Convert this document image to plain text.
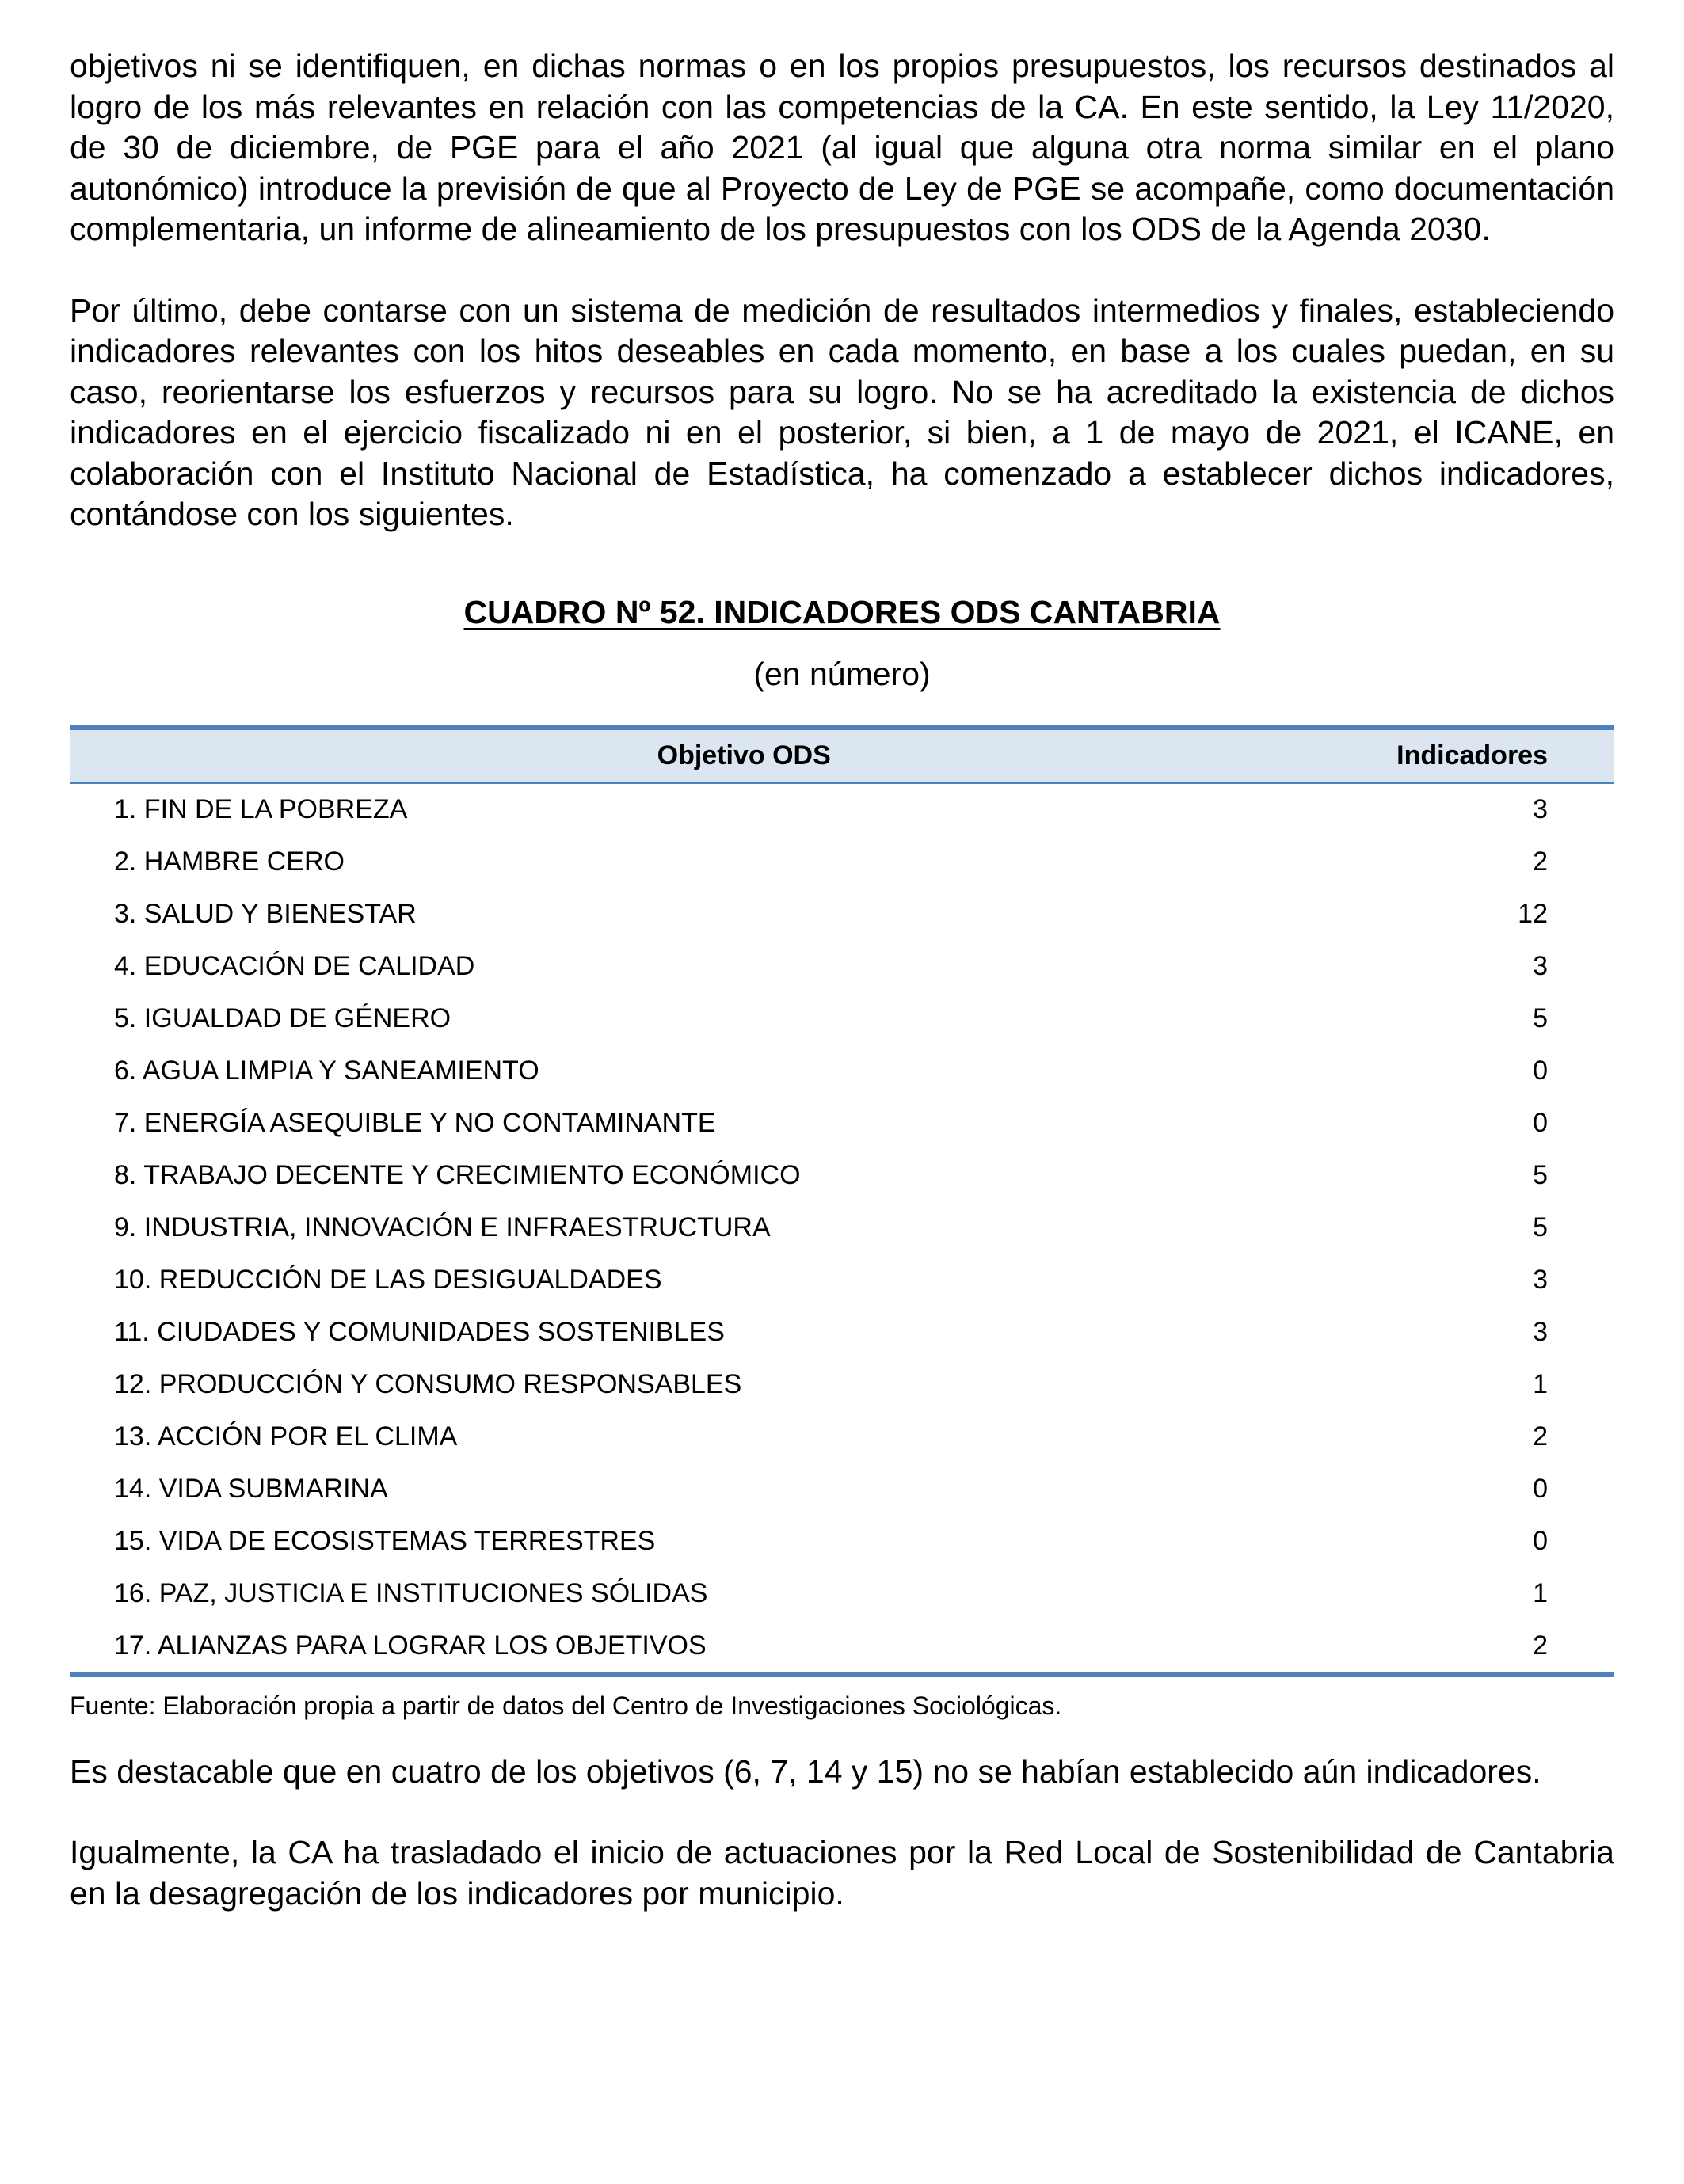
objetivos ni se identifiquen, en dichas normas o en los propios presupuestos, los recursos destinados al logro de los más relevantes en relación con las competencias de la CA. En este sentido, la Ley 11/2020, de 30 de diciembre, de PGE para el año 2021 (al igual que alguna otra norma similar en el plano autonómico) introduce la previsión de que al Proyecto de Ley de PGE se acompañe, como documentación complementaria, un informe de alineamiento de los presupuestos con los ODS de la Agenda 2030.

Por último, debe contarse con un sistema de medición de resultados intermedios y finales, estableciendo indicadores relevantes con los hitos deseables en cada momento, en base a los cuales puedan, en su caso, reorientarse los esfuerzos y recursos para su logro. No se ha acreditado la existencia de dichos indicadores en el ejercicio fiscalizado ni en el posterior, si bien, a 1 de mayo de 2021, el ICANE, en colaboración con el Instituto Nacional de Estadística, ha comenzado a establecer dichos indicadores, contándose con los siguientes.

CUADRO Nº 52. INDICADORES ODS CANTABRIA
(en número)
Objetivo ODS	Indicadores
1. FIN DE LA POBREZA	3
2. HAMBRE CERO	2
3. SALUD Y BIENESTAR	12
4. EDUCACIÓN DE CALIDAD	3
5. IGUALDAD DE GÉNERO	5
6. AGUA LIMPIA Y SANEAMIENTO	0
7. ENERGÍA ASEQUIBLE Y NO CONTAMINANTE	0
8. TRABAJO DECENTE Y CRECIMIENTO ECONÓMICO	5
9. INDUSTRIA, INNOVACIÓN E INFRAESTRUCTURA	5
10. REDUCCIÓN DE LAS DESIGUALDADES	3
11. CIUDADES Y COMUNIDADES SOSTENIBLES	3
12. PRODUCCIÓN Y CONSUMO RESPONSABLES	1
13. ACCIÓN POR EL CLIMA	2
14. VIDA SUBMARINA	0
15. VIDA DE ECOSISTEMAS TERRESTRES	0
16. PAZ, JUSTICIA E INSTITUCIONES SÓLIDAS	1
17. ALIANZAS PARA LOGRAR LOS OBJETIVOS	2
Fuente: Elaboración propia a partir de datos del Centro de Investigaciones Sociológicas.

Es destacable que en cuatro de los objetivos (6, 7, 14 y 15) no se habían establecido aún indicadores.

Igualmente, la CA ha trasladado el inicio de actuaciones por la Red Local de Sostenibilidad de Cantabria en la desagregación de los indicadores por municipio.
